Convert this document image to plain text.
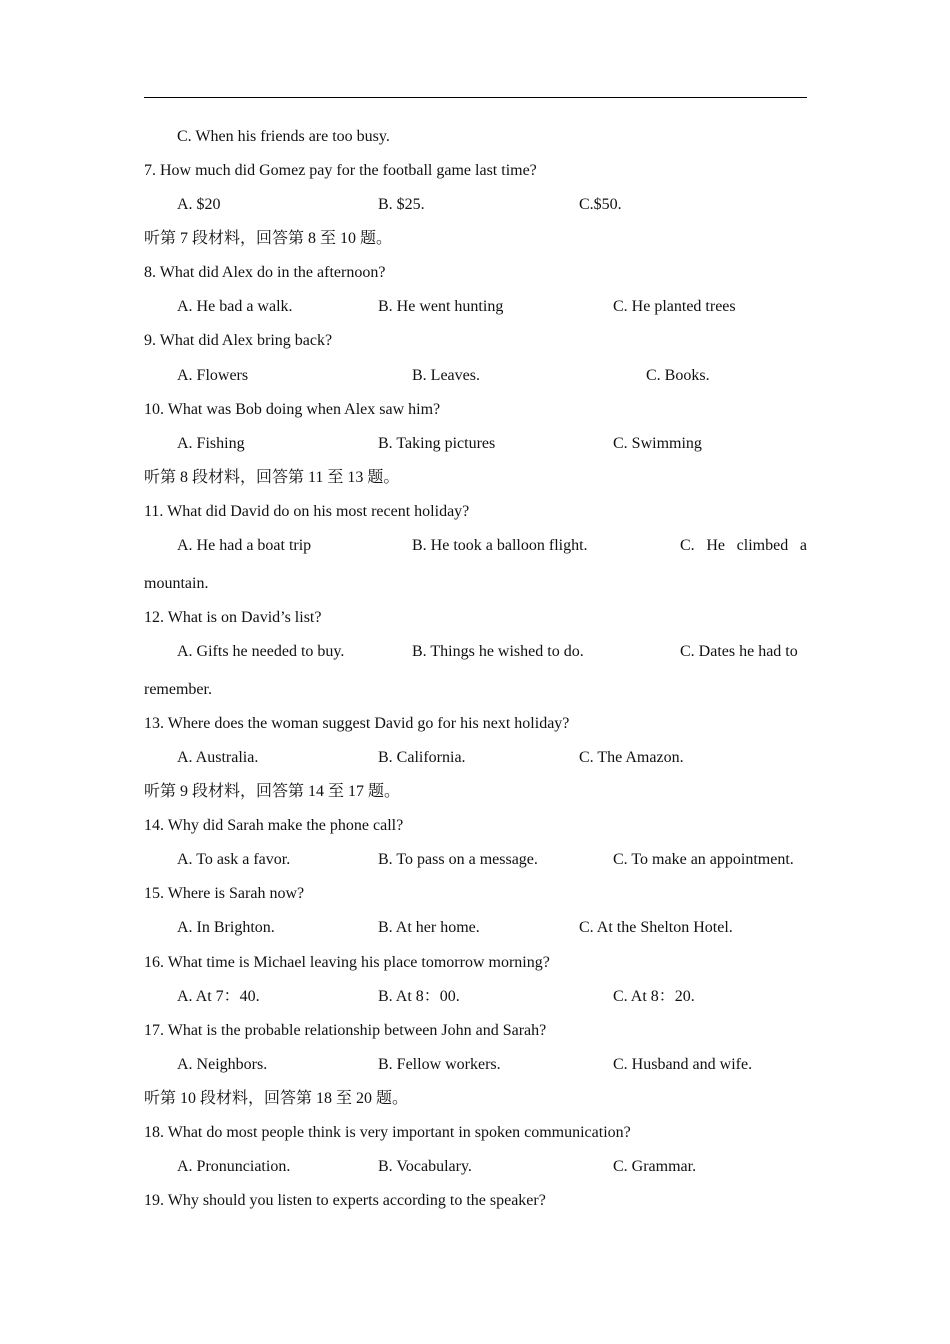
C. When his friends are too busy.
7. How much did Gomez pay for the football game last time?
A. $20	B. $25.	C.$50.
听第 7 段材料，回答第 8 至 10 题。
8. What did Alex do in the afternoon?
A. He bad a walk.	B. He went hunting	C. He planted trees
9. What did Alex bring back?
A. Flowers	B. Leaves.	C. Books.
10. What was Bob doing when Alex saw him?
A. Fishing	B. Taking pictures	C. Swimming
听第 8 段材料，回答第 11 至 13 题。
11. What did David do on his most recent holiday?
A. He had a boat trip	B. He took a balloon flight.	C. He climbed a
mountain.
12. What is on David’s list?
A. Gifts he needed to buy.	B. Things he wished to do.	C. Dates he had to
remember.
13. Where does the woman suggest David go for his next holiday?
A. Australia.	B. California.	C. The Amazon.
听第 9 段材料，回答第 14 至 17 题。
14. Why did Sarah make the phone call?
A. To ask a favor.	B. To pass on a message.	C. To make an appointment.
15. Where is Sarah now?
A. In Brighton.	B. At her home.	C. At the Shelton Hotel.
16. What time is Michael leaving his place tomorrow morning?
A. At 7：40.	B. At 8：00.	C. At 8：20.
17. What is the probable relationship between John and Sarah?
A. Neighbors.	B. Fellow workers.	C. Husband and wife.
听第 10 段材料，回答第 18 至 20 题。
18. What do most people think is very important in spoken communication?
A. Pronunciation.	B. Vocabulary.	C. Grammar.
19. Why should you listen to experts according to the speaker?
